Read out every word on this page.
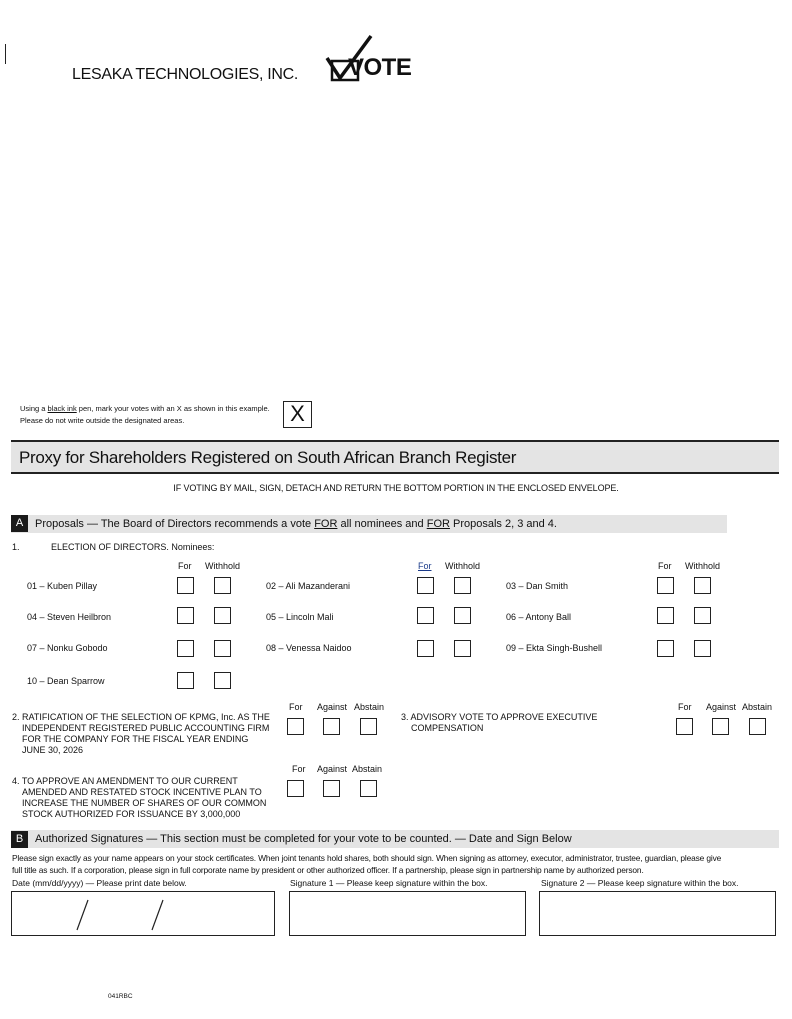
LESAKA TECHNOLOGIES, INC. VOTE
Using a black ink pen, mark your votes with an X as shown in this example.
Please do not write outside the designated areas.	X
Proxy for Shareholders Registered on South African Branch Register
IF VOTING BY MAIL, SIGN, DETACH AND RETURN THE BOTTOM PORTION IN THE ENCLOSED ENVELOPE.
A	Proposals — The Board of Directors recommends a vote FOR all nominees and FOR Proposals 2, 3 and 4.
1.	ELECTION OF DIRECTORS. Nominees:
For Withhold	For Withhold	For Withhold
01 – Kuben Pillay	02 – Ali Mazanderani	03 – Dan Smith
04 – Steven Heilbron	05 – Lincoln Mali	06 – Antony Ball
07 – Nonku Gobodo	08 – Venessa Naidoo	09 – Ekta Singh-Bushell
10 – Dean Sparrow
2. RATIFICATION OF THE SELECTION OF KPMG, Inc. AS THE
INDEPENDENT REGISTERED PUBLIC ACCOUNTING FIRM
FOR THE COMPANY FOR THE FISCAL YEAR ENDING
JUNE 30, 2026
For Against Abstain
3. ADVISORY VOTE TO APPROVE EXECUTIVE
COMPENSATION
For Against Abstain
4. TO APPROVE AN AMENDMENT TO OUR CURRENT
AMENDED AND RESTATED STOCK INCENTIVE PLAN TO
INCREASE THE NUMBER OF SHARES OF OUR COMMON
STOCK AUTHORIZED FOR ISSUANCE BY 3,000,000
For Against Abstain
B	Authorized Signatures — This section must be completed for your vote to be counted. — Date and Sign Below
Please sign exactly as your name appears on your stock certificates. When joint tenants hold shares, both should sign. When signing as attorney, executor, administrator, trustee, guardian, please give
full title as such. If a corporation, please sign in full corporate name by president or other authorized officer. If a partnership, please sign in partnership name by authorized person.
Date (mm/dd/yyyy) — Please print date below.	Signature 1 — Please keep signature within the box.	Signature 2 — Please keep signature within the box.
041RBC
